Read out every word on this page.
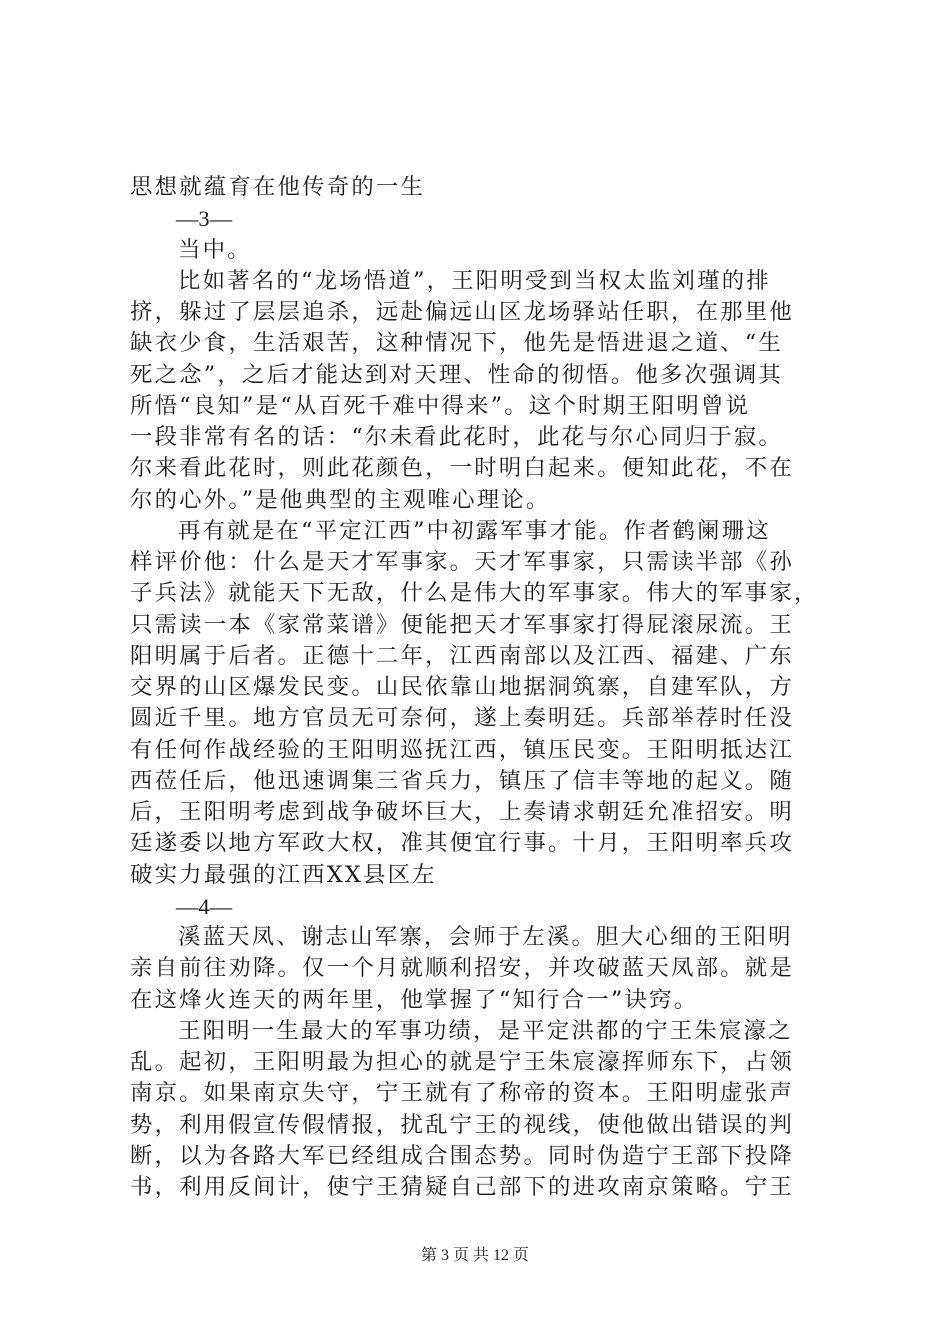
思想就蕴育在他传奇的一生
—3—
当中。
比如著名的“龙场悟道”，王阳明受到当权太监刘瑾的排
挤，躲过了层层追杀，远赴偏远山区龙场驿站任职，在那里他
缺衣少食，生活艰苦，这种情况下，他先是悟进退之道、“生
死之念”，之后才能达到对天理、性命的彻悟。他多次强调其
所悟“良知”是“从百死千难中得来”。这个时期王阳明曾说
一段非常有名的话：“尔未看此花时，此花与尔心同归于寂。
尔来看此花时，则此花颜色，一时明白起来。便知此花，不在
尔的心外。”是他典型的主观唯心理论。
再有就是在“平定江西”中初露军事才能。作者鹤阑珊这
样评价他：什么是天才军事家。天才军事家，只需读半部《孙
子兵法》就能天下无敌，什么是伟大的军事家。伟大的军事家，
只需读一本《家常菜谱》便能把天才军事家打得屁滚尿流。王
阳明属于后者。正德十二年，江西南部以及江西、福建、广东
交界的山区爆发民变。山民依靠山地据洞筑寨，自建军队，方
圆近千里。地方官员无可奈何，遂上奏明廷。兵部举荐时任没
有任何作战经验的王阳明巡抚江西，镇压民变。王阳明抵达江
西莅任后，他迅速调集三省兵力，镇压了信丰等地的起义。随
后，王阳明考虑到战争破坏巨大，上奏请求朝廷允准招安。明
廷遂委以地方军政大权，准其便宜行事。十月，王阳明率兵攻
破实力最强的江西XX县区左
—4—
溪蓝天凤、谢志山军寨，会师于左溪。胆大心细的王阳明
亲自前往劝降。仅一个月就顺利招安，并攻破蓝天凤部。就是
在这烽火连天的两年里，他掌握了“知行合一”诀窍。
王阳明一生最大的军事功绩，是平定洪都的宁王朱宸濠之
乱。起初，王阳明最为担心的就是宁王朱宸濠挥师东下，占领
南京。如果南京失守，宁王就有了称帝的资本。王阳明虚张声
势，利用假宣传假情报，扰乱宁王的视线，使他做出错误的判
断，以为各路大军已经组成合围态势。同时伪造宁王部下投降
书，利用反间计，使宁王猜疑自己部下的进攻南京策略。宁王
第 3 页 共 12 页
